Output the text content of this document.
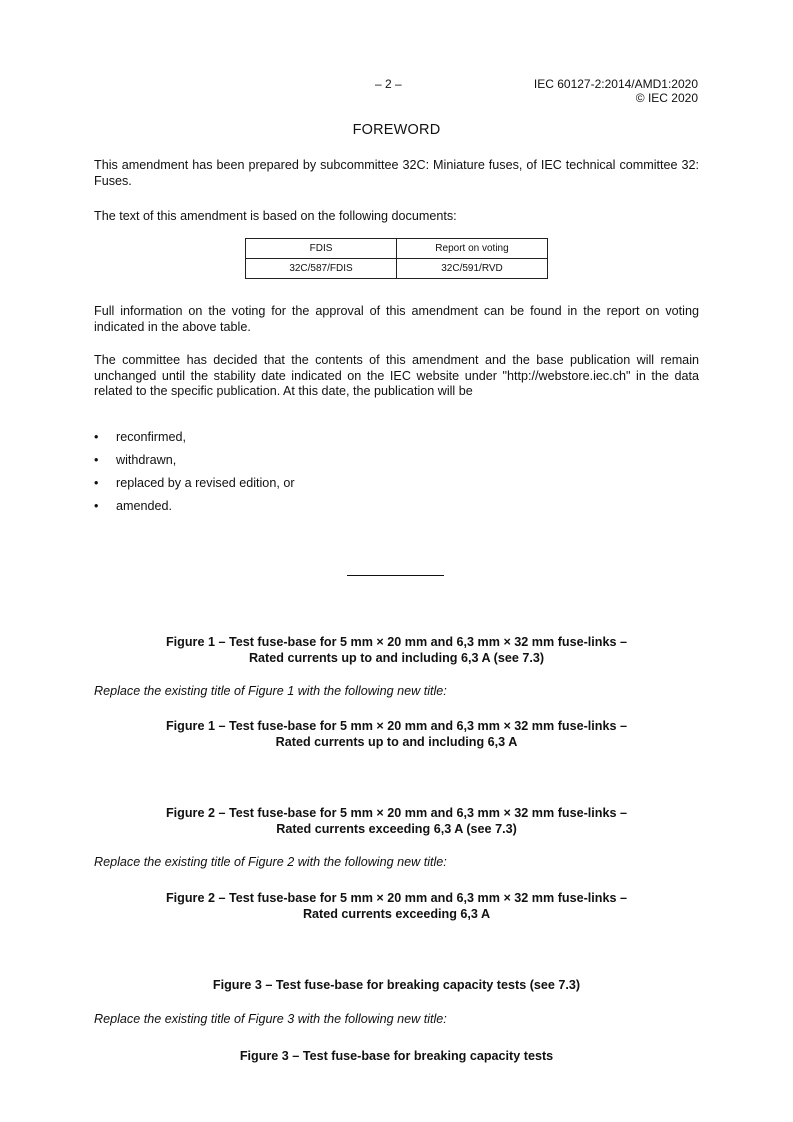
– 2 –	IEC 60127-2:2014/AMD1:2020
© IEC 2020
FOREWORD
This amendment has been prepared by subcommittee 32C: Miniature fuses, of IEC technical committee 32: Fuses.
The text of this amendment is based on the following documents:
FDIS	Report on voting
32C/587/FDIS	32C/591/RVD
Full information on the voting for the approval of this amendment can be found in the report on voting indicated in the above table.
The committee has decided that the contents of this amendment and the base publication will remain unchanged until the stability date indicated on the IEC website under "http://webstore.iec.ch" in the data related to the specific publication. At this date, the publication will be
• reconfirmed,
• withdrawn,
• replaced by a revised edition, or
• amended.
Figure 1 – Test fuse-base for 5 mm × 20 mm and 6,3 mm × 32 mm fuse-links –
Rated currents up to and including 6,3 A (see 7.3)
Replace the existing title of Figure 1 with the following new title:
Figure 1 – Test fuse-base for 5 mm × 20 mm and 6,3 mm × 32 mm fuse-links –
Rated currents up to and including 6,3 A
Figure 2 – Test fuse-base for 5 mm × 20 mm and 6,3 mm × 32 mm fuse-links –
Rated currents exceeding 6,3 A (see 7.3)
Replace the existing title of Figure 2 with the following new title:
Figure 2 – Test fuse-base for 5 mm × 20 mm and 6,3 mm × 32 mm fuse-links –
Rated currents exceeding 6,3 A
Figure 3 – Test fuse-base for breaking capacity tests (see 7.3)
Replace the existing title of Figure 3 with the following new title:
Figure 3 – Test fuse-base for breaking capacity tests
